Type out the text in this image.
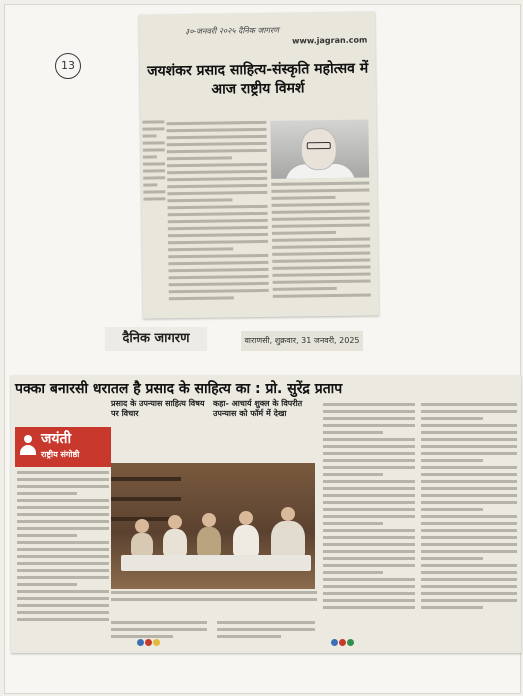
13
३०-जनवरी २०२५ दैनिक जागरण
www.jagran.com
जयशंकर प्रसाद साहित्य-संस्कृति महोत्सव में आज राष्ट्रीय विमर्श
दैनिक जागरण	वाराणसी, शुक्रवार, 31 जनवरी, 2025
पक्का बनारसी धरातल है प्रसाद के साहित्य का : प्रो. सुरेंद्र प्रताप
जयंती
राष्ट्रीय संगोष्ठी
प्रसाद के उपन्यास साहित्य विषय पर विचार
कहा- आचार्य शुक्ल के विपरीत उपन्यास को फॉर्म में देखा
